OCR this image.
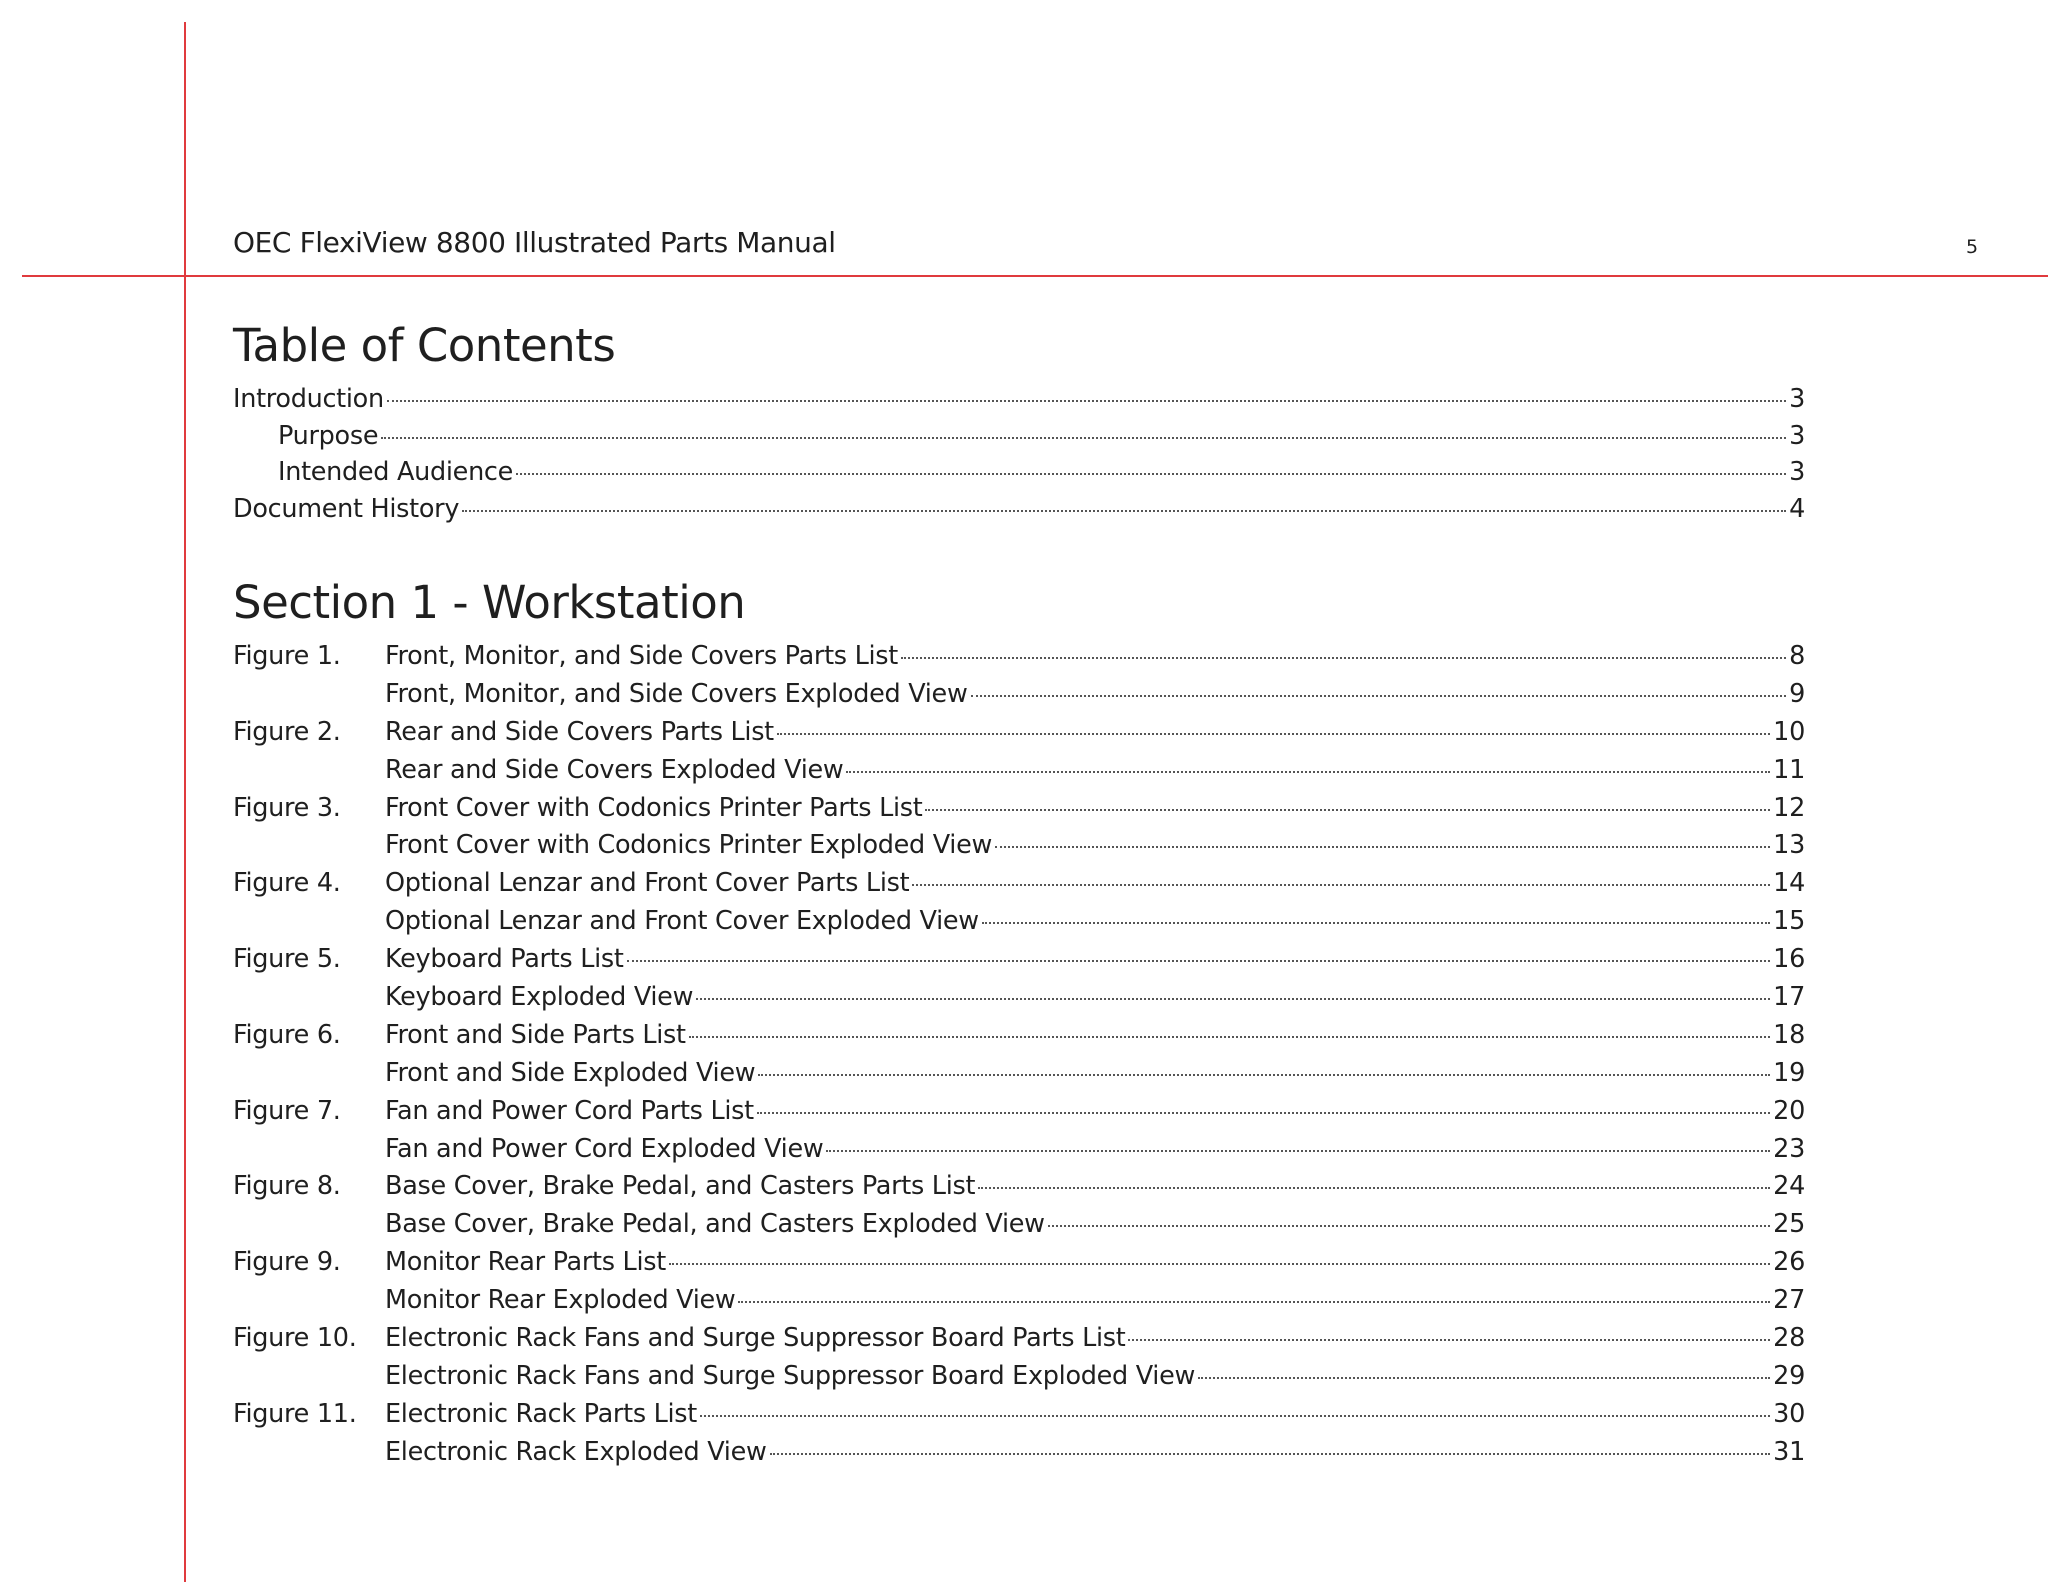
OEC FlexiView 8800 Illustrated Parts Manual	5
Table of Contents
Introduction	3
Purpose	3
Intended Audience	3
Document History	4
Section 1 - Workstation
Figure 1.	Front, Monitor, and Side Covers Parts List	8
Front, Monitor, and Side Covers Exploded View	9
Figure 2.	Rear and Side Covers Parts List	10
Rear and Side Covers Exploded View	11
Figure 3.	Front Cover with Codonics Printer Parts List	12
Front Cover with Codonics Printer Exploded View	13
Figure 4.	Optional Lenzar and Front Cover Parts List	14
Optional Lenzar and Front Cover Exploded View	15
Figure 5.	Keyboard Parts List	16
Keyboard Exploded View	17
Figure 6.	Front and Side Parts List	18
Front and Side Exploded View	19
Figure 7.	Fan and Power Cord Parts List	20
Fan and Power Cord Exploded View	23
Figure 8.	Base Cover, Brake Pedal, and Casters Parts List	24
Base Cover, Brake Pedal, and Casters Exploded View	25
Figure 9.	Monitor Rear Parts List	26
Monitor Rear Exploded View	27
Figure 10.	Electronic Rack Fans and Surge Suppressor Board Parts List	28
Electronic Rack Fans and Surge Suppressor Board Exploded View	29
Figure 11.	Electronic Rack Parts List	30
Electronic Rack Exploded View	31
